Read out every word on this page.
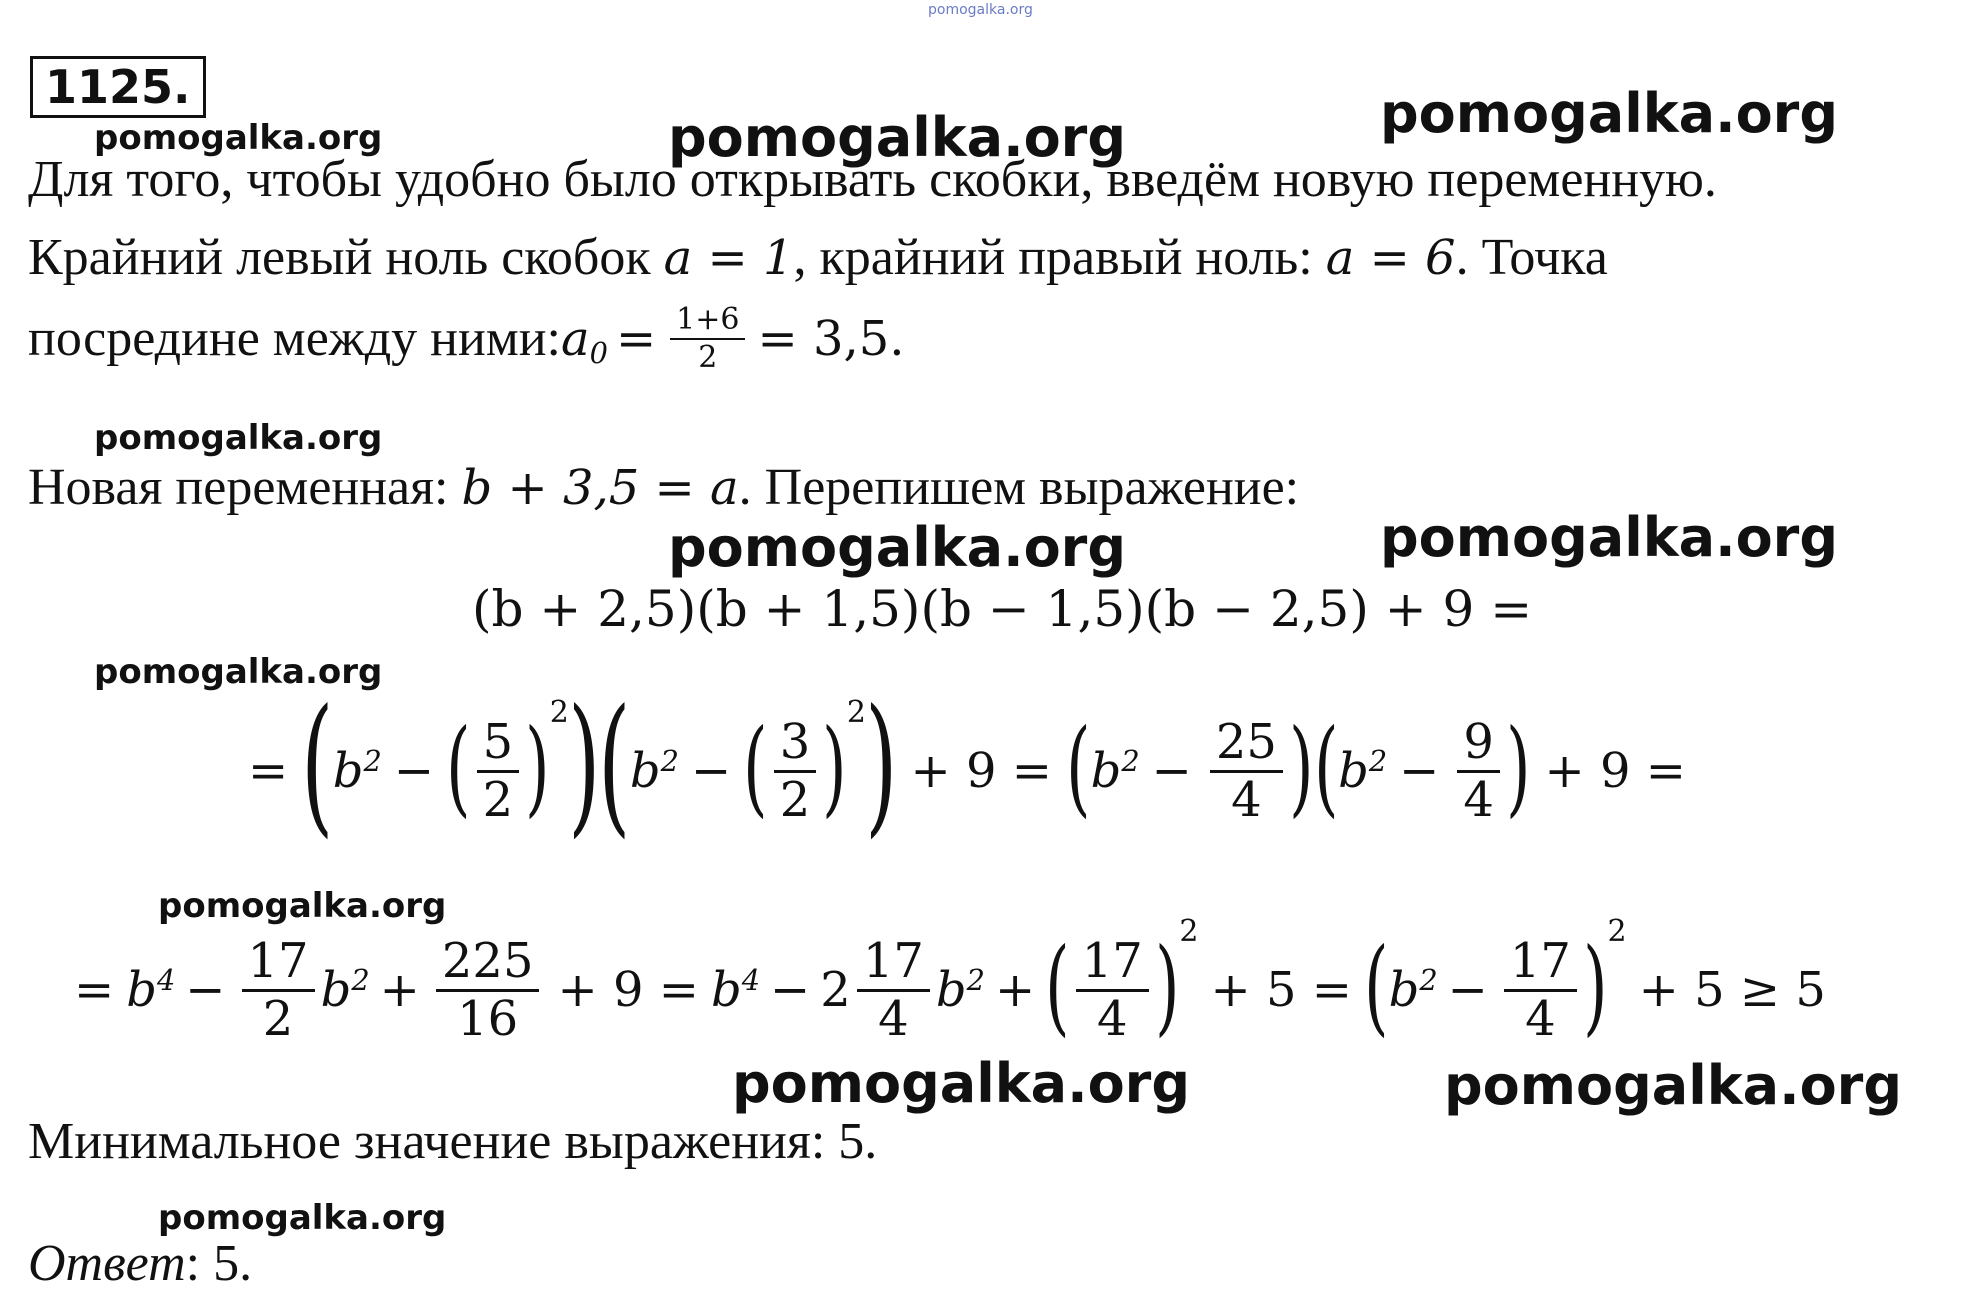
pomogalka.org
1125.
pomogalka.org	pomogalka.org	pomogalka.org
Для того, чтобы удобно было открывать скобки, введём новую переменную.
Крайний левый ноль скобок a = 1, крайний правый ноль: a = 6. Точка
посредине между ними: $a_0 = \frac{1+6}{2} = 3,5$.
pomogalka.org
Новая переменная: b + 3,5 = a. Перепишем выражение:
pomogalka.org	pomogalka.org
(b + 2,5)(b + 1,5)(b − 1,5)(b − 2,5) + 9 =
pomogalka.org
= ( $b^2$ − ( $\frac{5}{2}$ ) 2 )
( $b^2$ − ( $\frac{3}{2}$ ) 2 ) + 9 = ( $b^2 - \frac{25}{4}$ ) ( $b^2 - \frac{9}{4}$ ) + 9 =
pomogalka.org
= $b^4 - \frac{17}{2} b^2 + \frac{225}{16} + 9 = b^4 - 2 \frac{17}{4} b^2$ + ( $\frac{17}{4}$ ) 2
+ 5 = ( $b^2 - \frac{17}{4}$ ) 2
+ 5 ≥ 5
pomogalka.org	pomogalka.org
Минимальное значение выражения: 5.
pomogalka.org
Ответ: 5.
